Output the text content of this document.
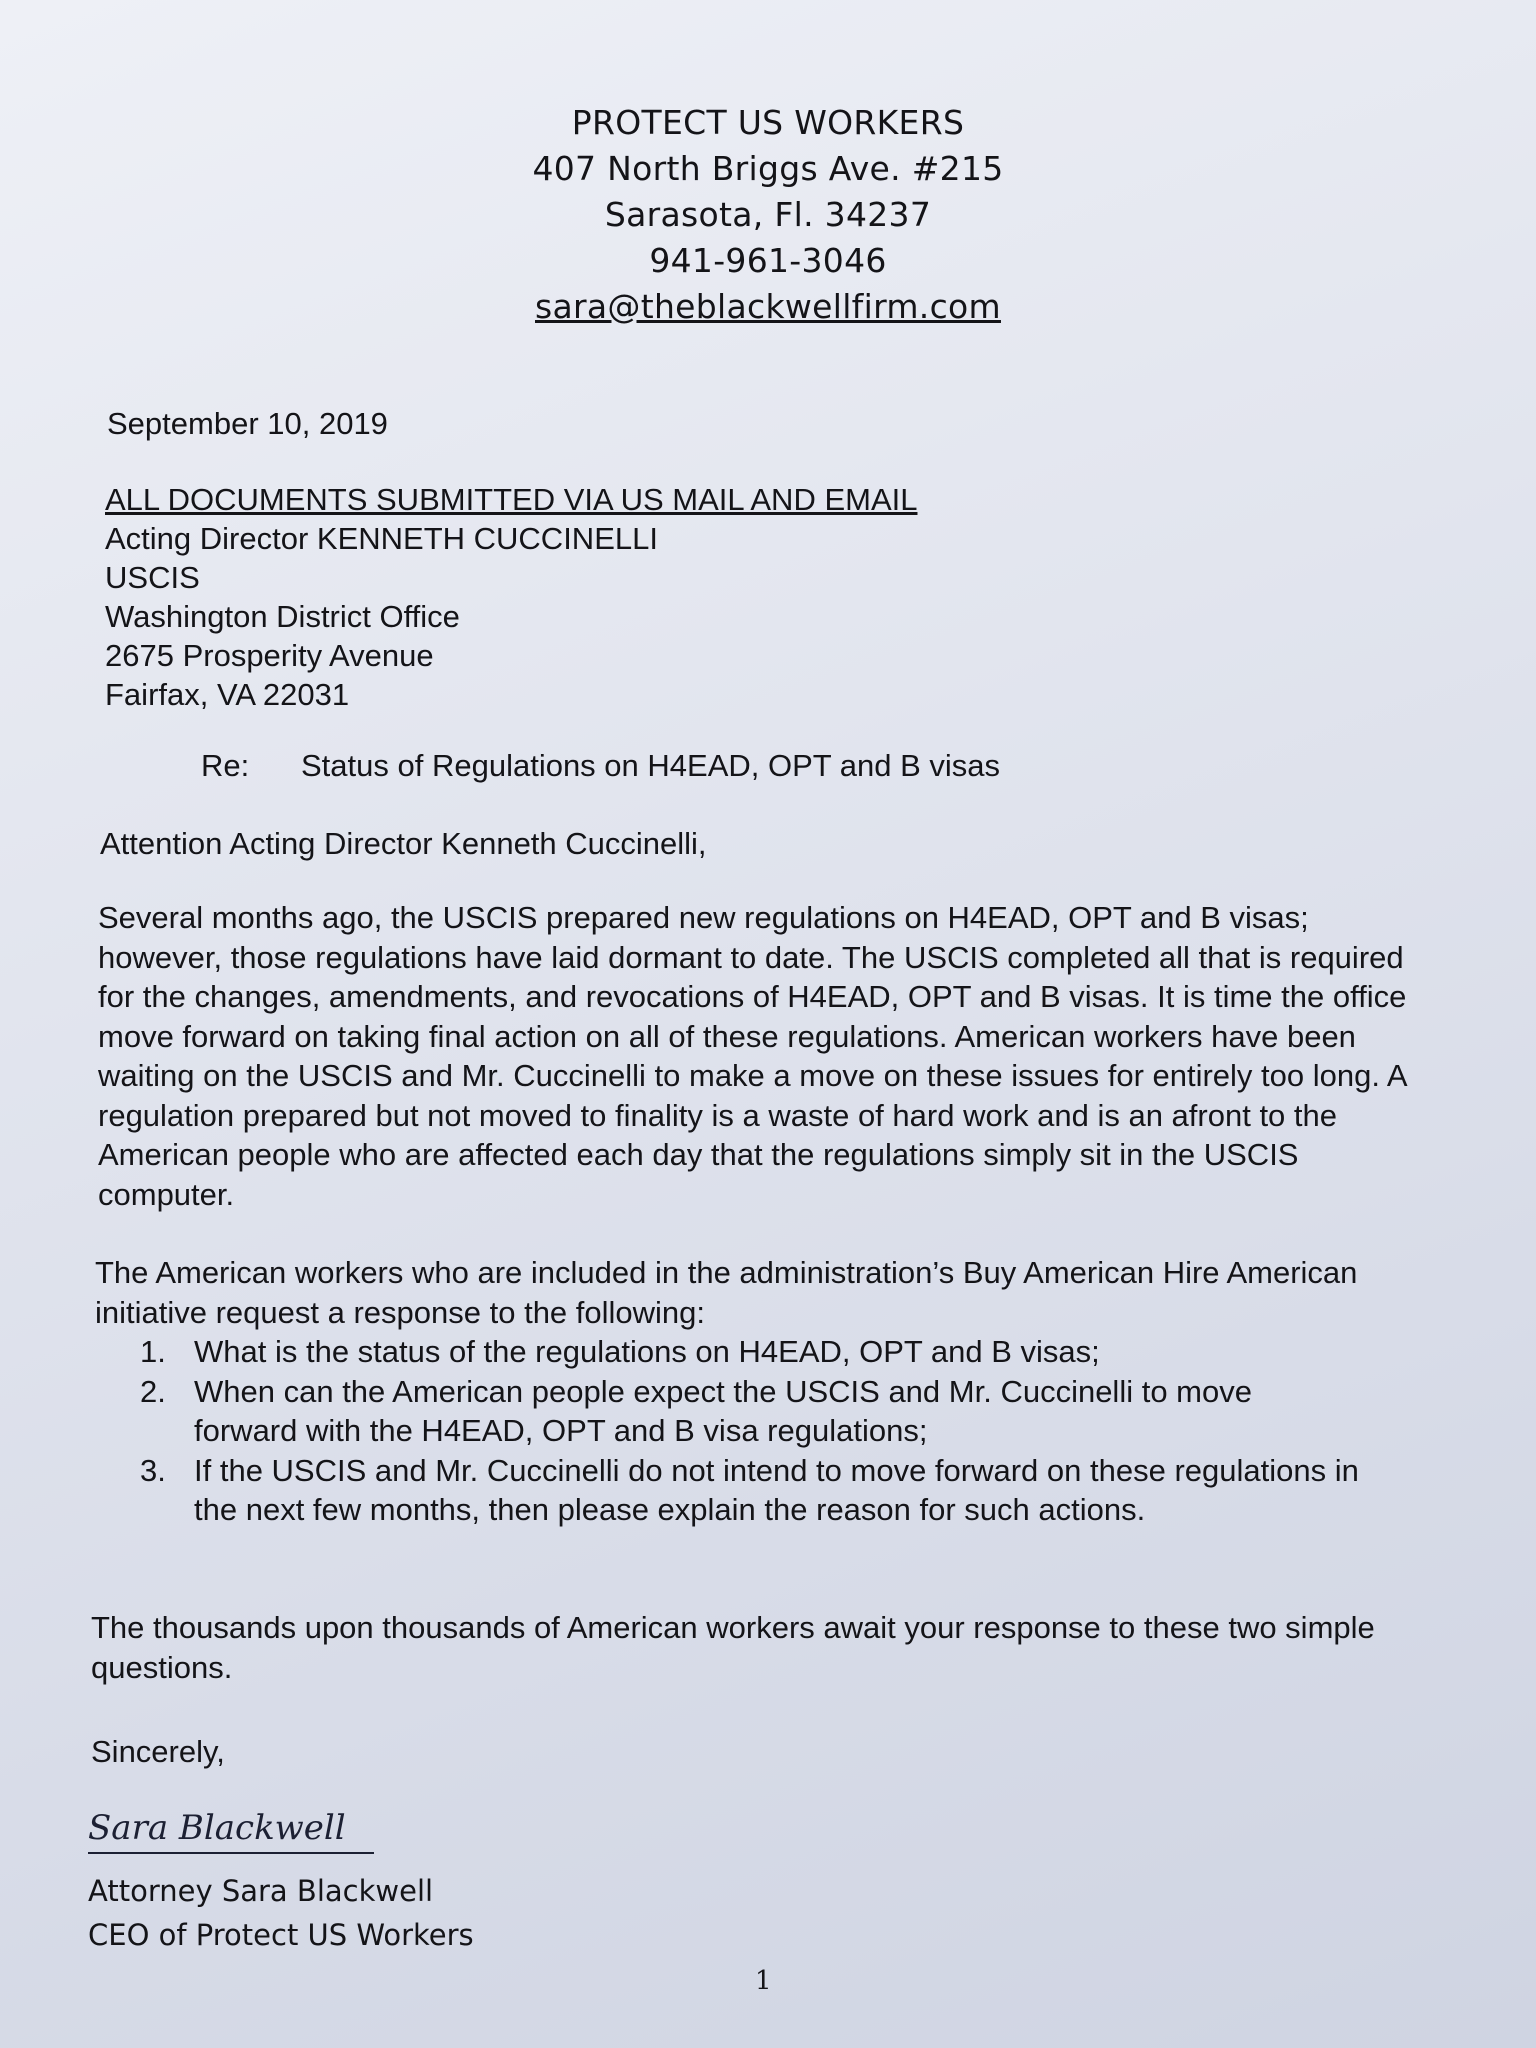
PROTECT US WORKERS
407 North Briggs Ave. #215
Sarasota, Fl. 34237
941-961-3046
sara@theblackwellfirm.com
September 10, 2019
ALL DOCUMENTS SUBMITTED VIA US MAIL AND EMAIL
Acting Director KENNETH CUCCINELLI
USCIS
Washington District Office
2675 Prosperity Avenue
Fairfax, VA 22031
Re: Status of Regulations on H4EAD, OPT and B visas
Attention Acting Director Kenneth Cuccinelli,
Several months ago, the USCIS prepared new regulations on H4EAD, OPT and B visas; however, those regulations have laid dormant to date. The USCIS completed all that is required for the changes, amendments, and revocations of H4EAD, OPT and B visas. It is time the office move forward on taking final action on all of these regulations. American workers have been waiting on the USCIS and Mr. Cuccinelli to make a move on these issues for entirely too long. A regulation prepared but not moved to finality is a waste of hard work and is an afront to the American people who are affected each day that the regulations simply sit in the USCIS computer.
The American workers who are included in the administration’s Buy American Hire American initiative request a response to the following:
1. What is the status of the regulations on H4EAD, OPT and B visas;
2. When can the American people expect the USCIS and Mr. Cuccinelli to move forward with the H4EAD, OPT and B visa regulations;
3. If the USCIS and Mr. Cuccinelli do not intend to move forward on these regulations in the next few months, then please explain the reason for such actions.
The thousands upon thousands of American workers await your response to these two simple questions.
Sincerely,
Sara Blackwell
Attorney Sara Blackwell
CEO of Protect US Workers
1
